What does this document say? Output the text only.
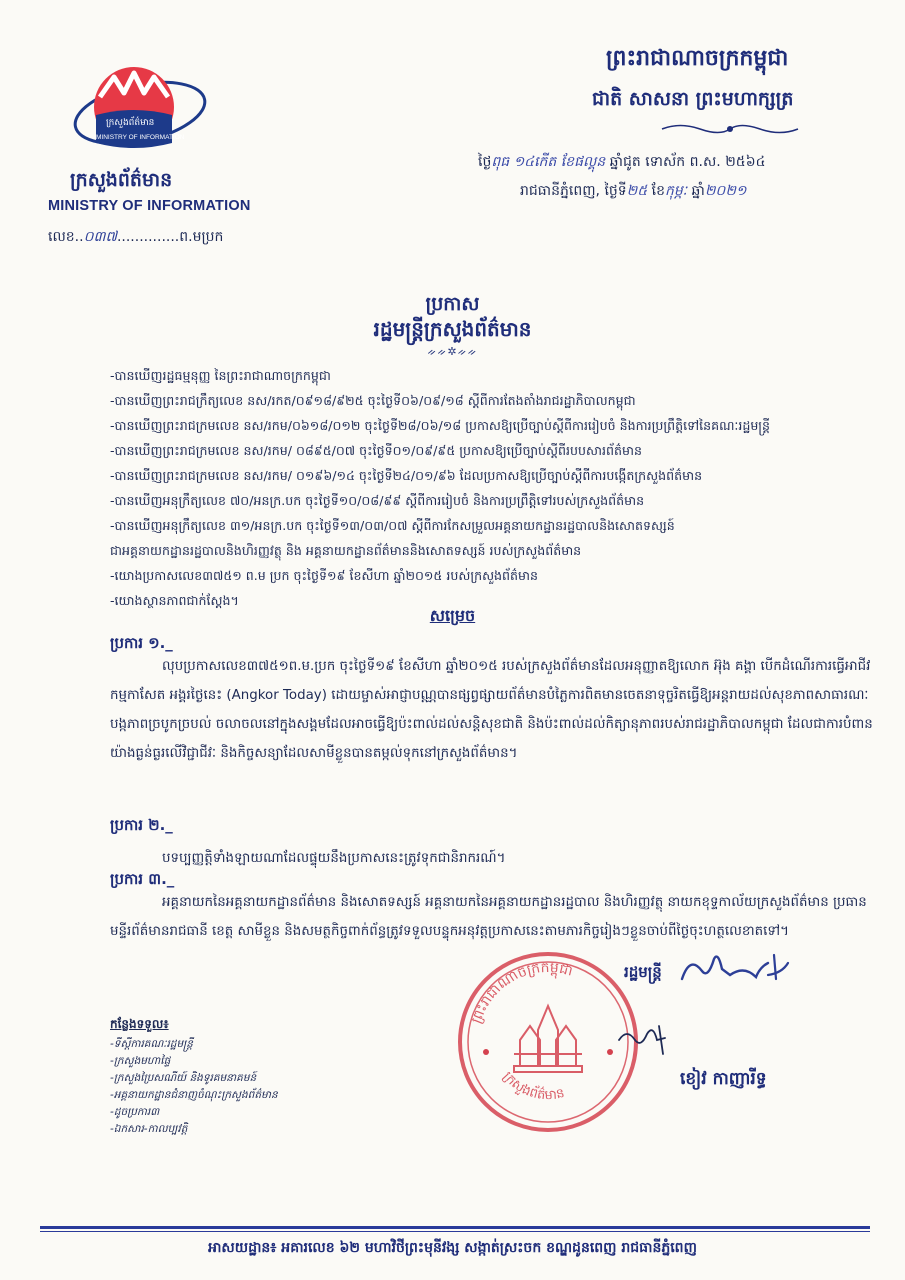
ក្រសួងព័ត៌មាន
MINISTRY OF INFORMATION
ក្រសួងព័ត៌មាន
MINISTRY OF INFORMATION
លេខ..០៣៧..............ព.មប្រក
ព្រះរាជាណាចក្រកម្ពុជា
ជាតិ សាសនា ព្រះមហាក្សត្រ
ថ្ងៃពុធ ១៤កើត ខែផល្គុន ឆ្នាំជូត ទោស័ក ព.ស. ២៥៦៤
រាជធានីភ្នំពេញ, ថ្ងៃទី២៥ ខែកុម្ភៈ ឆ្នាំ២០២១
ប្រកាស
រដ្ឋមន្ត្រីក្រសួងព័ត៌មាន
ᨀᨀ✲ᨀᨀ
-បានឃើញរដ្ឋធម្មនុញ្ញ នៃព្រះរាជាណាចក្រកម្ពុជា
-បានឃើញព្រះរាជក្រឹត្យលេខ នស/រកត/០៩១៨/៩២៥ ចុះថ្ងៃទី០៦/០៩/១៨ ស្ដីពីការតែងតាំងរាជរដ្ឋាភិបាលកម្ពុជា
-បានឃើញព្រះរាជក្រមលេខ នស/រកម/០៦១៨/០១២ ចុះថ្ងៃទី២៨/០៦/១៨ ប្រកាសឱ្យប្រើច្បាប់ស្ដីពីការរៀបចំ និងការប្រព្រឹត្តិទៅនៃគណៈរដ្ឋមន្ត្រី
-បានឃើញព្រះរាជក្រមលេខ នស/រកម/ ០៨៩៥/០៧ ចុះថ្ងៃទី០១/០៩/៩៥ ប្រកាសឱ្យប្រើច្បាប់ស្ដីពីរបបសារព័ត៌មាន
-បានឃើញព្រះរាជក្រមលេខ នស/រកម/ ០១៩៦/១៤ ចុះថ្ងៃទី២៤/០១/៩៦ ដែលប្រកាសឱ្យប្រើច្បាប់ស្ដីពីការបង្កើតក្រសួងព័ត៌មាន
-បានឃើញអនុក្រឹត្យលេខ ៧០/អនក្រ.បក ចុះថ្ងៃទី១០/០៨/៩៩ ស្ដីពីការរៀបចំ និងការប្រព្រឹត្តិទៅរបស់ក្រសួងព័ត៌មាន
-បានឃើញអនុក្រឹត្យលេខ ៣១/អនក្រ.បក ចុះថ្ងៃទី១៣/០៣/០៧ ស្ដីពីការកែសម្រួលអគ្គនាយកដ្ឋានរដ្ឋបាលនិងសោតទស្សន៍
ជាអគ្គនាយកដ្ឋានរដ្ឋបាលនិងហិរញ្ញវត្ថុ និង អគ្គនាយកដ្ឋានព័ត៌មាននិងសោតទស្សន៍ របស់ក្រសួងព័ត៌មាន
-យោងប្រកាសលេខ៣៧៥១ ព.ម ប្រក ចុះថ្ងៃទី១៩ ខែសីហា ឆ្នាំ២០១៥ របស់ក្រសួងព័ត៌មាន
-យោងស្ថានភាពជាក់ស្ដែង។
សម្រេច
ប្រការ ១._
លុបប្រកាសលេខ៣៧៥១ព.ម.ប្រក ចុះថ្ងៃទី១៩ ខែសីហា ឆ្នាំ២០១៥ របស់ក្រសួងព័ត៌មានដែលអនុញ្ញាតឱ្យលោក អ៊ុង គង្គា បើកដំណើរការធ្វើអាជីវកម្មកាសែត អង្គរថ្ងៃនេះ (Angkor Today) ដោយម្ចាស់អាជ្ញាបណ្ណបានផ្សព្វផ្សាយព័ត៌មានបំភ្លៃការពិតមានចេតនាទុច្ចរិតធ្វើឱ្យអន្តរាយដល់សុខភាពសាធារណៈ បង្កភាពច្របូកច្របល់ ចលាចលនៅក្នុងសង្គមដែលអាចធ្វើឱ្យប៉ះពាល់ដល់សន្តិសុខជាតិ និងប៉ះពាល់ដល់កិត្យានុភាពរបស់រាជរដ្ឋាភិបាលកម្ពុជា ដែលជាការបំពានយ៉ាងធ្ងន់ធ្ងរលើវិជ្ជាជីវៈ និងកិច្ចសន្យាដែលសាមីខ្លួនបានតម្កល់ទុកនៅក្រសួងព័ត៌មាន។
ប្រការ ២._
បទប្បញ្ញត្តិទាំងឡាយណាដែលផ្ទុយនឹងប្រកាសនេះត្រូវទុកជានិរាករណ៍។
ប្រការ ៣._
អគ្គនាយកនៃអគ្គនាយកដ្ឋានព័ត៌មាន និងសោតទស្សន៍ អគ្គនាយកនៃអគ្គនាយកដ្ឋានរដ្ឋបាល និងហិរញ្ញវត្ថុ នាយកខុទ្ទកាល័យក្រសួងព័ត៌មាន ប្រធានមន្ទីរព័ត៌មានរាជធានី ខេត្ត សាមីខ្លួន និងសមត្ថកិច្ចពាក់ព័ន្ធត្រូវទទួលបន្ទុកអនុវត្តប្រកាសនេះតាមភារកិច្ចរៀងៗខ្លួនចាប់ពីថ្ងៃចុះហត្ថលេខាតទៅ។
ព្រះរាជាណាចក្រកម្ពុជា
ក្រសួងព័ត៌មាន
រដ្ឋមន្ត្រី
ខៀវ កាញារីទ្ធ
កន្លែងទទួល៖
-ទីស្តីការគណៈរដ្ឋមន្ត្រី
-ក្រសួងមហាផ្ទៃ
-ក្រសួងប្រៃសណីយ៍ និងទូរគមនាគមន៍
-អគ្គនាយកដ្ឋានជំនាញចំណុះក្រសួងព័ត៌មាន
-ដូចប្រការ៣
-ឯកសារ-កាលប្បវត្តិ
អាសយដ្ឋាន៖ អគារលេខ ៦២ មហាវិថីព្រះមុនីវង្ស សង្កាត់ស្រះចក ខណ្ឌដូនពេញ រាជធានីភ្នំពេញ
